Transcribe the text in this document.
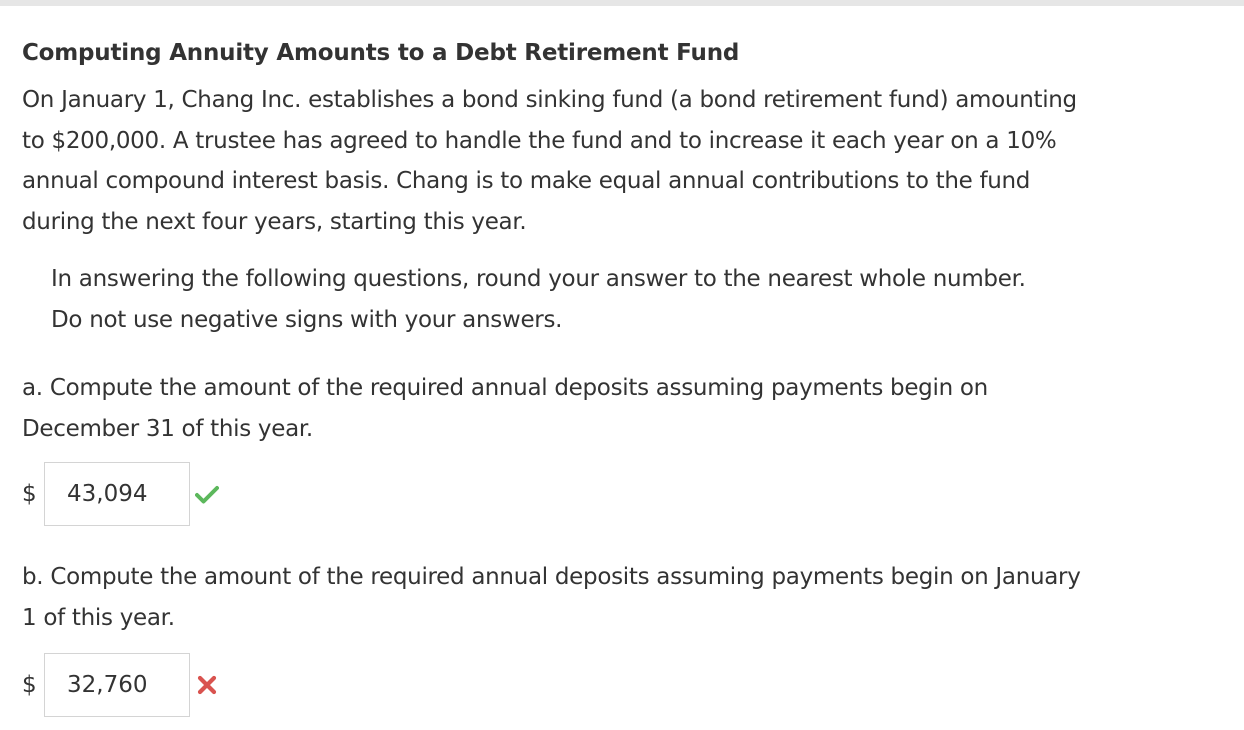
Computing Annuity Amounts to a Debt Retirement Fund
On January 1, Chang Inc. establishes a bond sinking fund (a bond retirement fund) amounting
to $200,000. A trustee has agreed to handle the fund and to increase it each year on a 10%
annual compound interest basis. Chang is to make equal annual contributions to the fund
during the next four years, starting this year.
In answering the following questions, round your answer to the nearest whole number.
Do not use negative signs with your answers.
a. Compute the amount of the required annual deposits assuming payments begin on
December 31 of this year.
$	43,094
b. Compute the amount of the required annual deposits assuming payments begin on January
1 of this year.
$	32,760
